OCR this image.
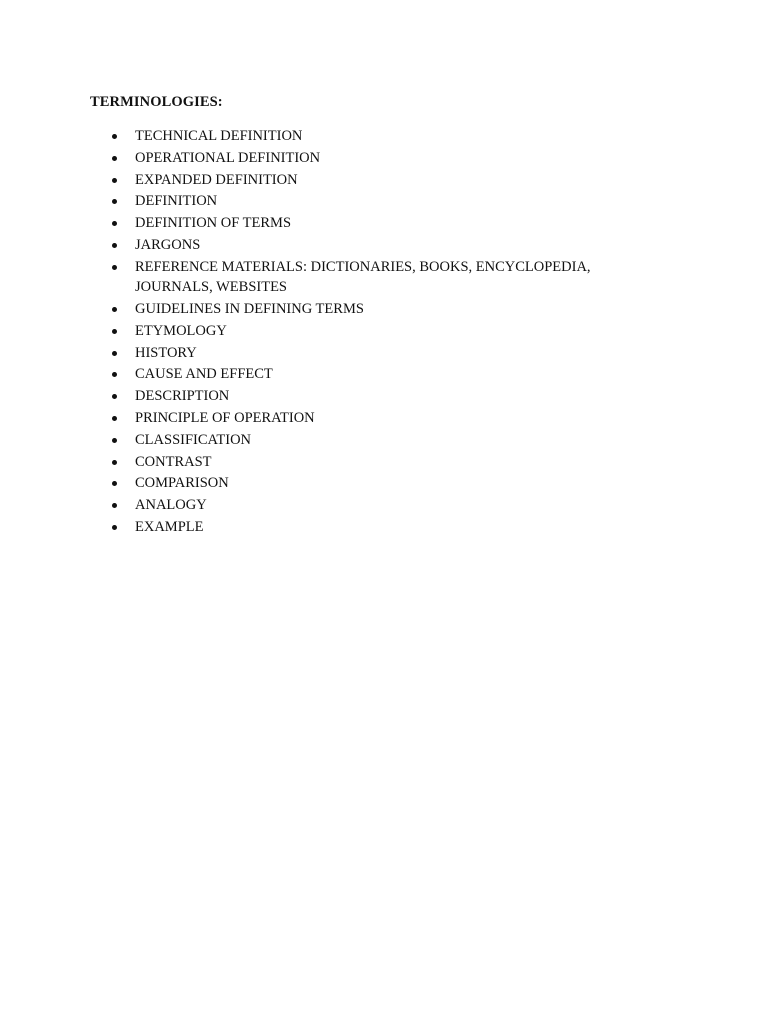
TERMINOLOGIES:
TECHNICAL DEFINITION
OPERATIONAL DEFINITION
EXPANDED DEFINITION
DEFINITION
DEFINITION OF TERMS
JARGONS
REFERENCE MATERIALS: DICTIONARIES, BOOKS, ENCYCLOPEDIA, JOURNALS, WEBSITES
GUIDELINES IN DEFINING TERMS
ETYMOLOGY
HISTORY
CAUSE AND EFFECT
DESCRIPTION
PRINCIPLE OF OPERATION
CLASSIFICATION
CONTRAST
COMPARISON
ANALOGY
EXAMPLE
